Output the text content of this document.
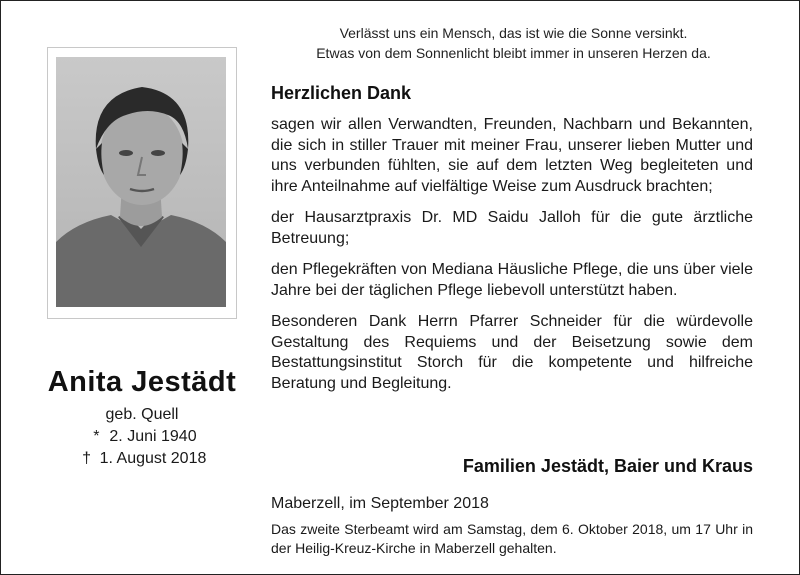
Verlässt uns ein Mensch, das ist wie die Sonne versinkt.
Etwas von dem Sonnenlicht bleibt immer in unseren Herzen da.
Anita Jestädt
geb. Quell
* 2. Juni 1940
† 1. August 2018
Herzlichen Dank
sagen wir allen Verwandten, Freunden, Nachbarn und Bekannten, die sich in stiller Trauer mit meiner Frau, unserer lieben Mutter und uns verbunden fühlten, sie auf dem letzten Weg begleiteten und ihre Anteilnahme auf vielfältige Weise zum Ausdruck brachten;
der Hausarztpraxis Dr. MD Saidu Jalloh für die gute ärztliche Betreuung;
den Pflegekräften von Mediana Häusliche Pflege, die uns über viele Jahre bei der täglichen Pflege liebevoll unterstützt haben.
Besonderen Dank Herrn Pfarrer Schneider für die würdevolle Gestaltung des Requiems und der Beisetzung sowie dem Bestattungsinstitut Storch für die kompetente und hilfreiche Beratung und Begleitung.
Familien Jestädt, Baier und Kraus
Maberzell, im September 2018
Das zweite Sterbeamt wird am Samstag, dem 6. Oktober 2018, um 17 Uhr in der Heilig-Kreuz-Kirche in Maberzell gehalten.
